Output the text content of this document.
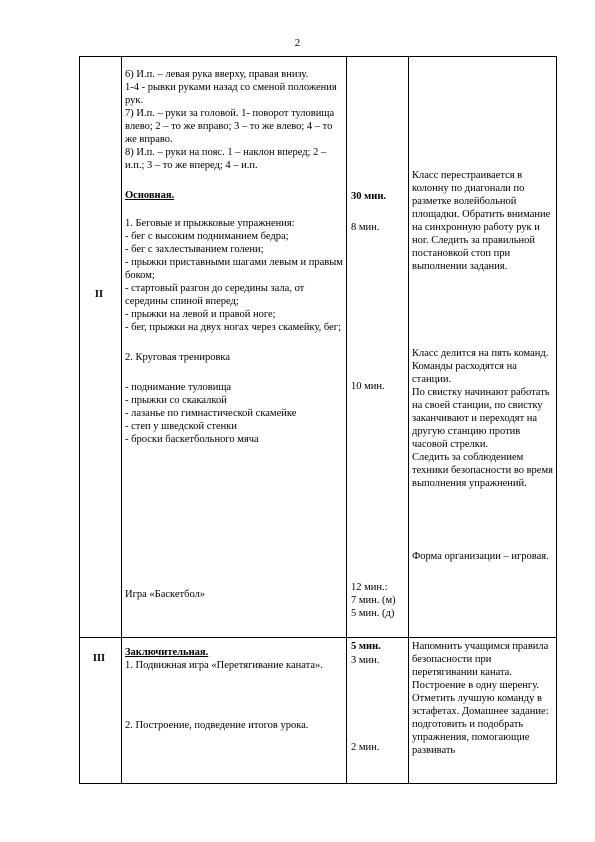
2
II

6) И.п. – левая рука вверху, правая внизу.

1-4 - рывки руками назад со сменой положения рук.

7) И.п. – руки за головой. 1- поворот туловища влево; 2 – то же вправо; 3 – то же влево; 4 – то же вправо.

8) И.п. – руки на пояс. 1 – наклон вперед; 2 – и.п.; 3 – то же вперед; 4 – и.п.

Основная.

1. Беговые и прыжковые упражнения:

- бег с высоким подниманием бедра;

- бег с захлестыванием голени;

- прыжки приставными шагами левым и правым боком;

- стартовый разгон до середины зала, от середины спиной вперед;

- прыжки на левой и правой ноге;

- бег, прыжки на двух ногах через скамейку, бег;

2. Круговая тренировка

- поднимание туловища

- прыжки со скакалкой

- лазанье по гимнастической скамейке

- степ у шведской стенки

- броски баскетбольного мяча

Игра «Баскетбол»
30 мин.
8 мин.
10 мин.

12 мин.:

7 мин. (м)

5 мин. (д)

Класс перестраивается в колонну по диагонали по разметке волейбольной площадки. Обратить внимание на синхронную работу рук и ног. Следить за правильной постановкой стоп при выполнении задания.

Класс делится на пять команд. Команды расходятся на станции.

По свистку начинают работать на своей станции, по свистку заканчивают и переходят на другую станцию против часовой стрелки.

Следить за соблюдением техники безопасности во время выполнения упражнений.

Форма организации – игровая.

III

Заключительная.

1. Подвижная игра «Перетягивание каната».

2. Построение, подведение итогов урока.
5 мин.
3 мин.
2 мин.

Напомнить учащимся правила безопасности при перетягивании каната. Построение в одну шеренгу. Отметить лучшую команду в эстафетах. Домашнее задание: подготовить и подобрать упражнения, помогающие развивать
